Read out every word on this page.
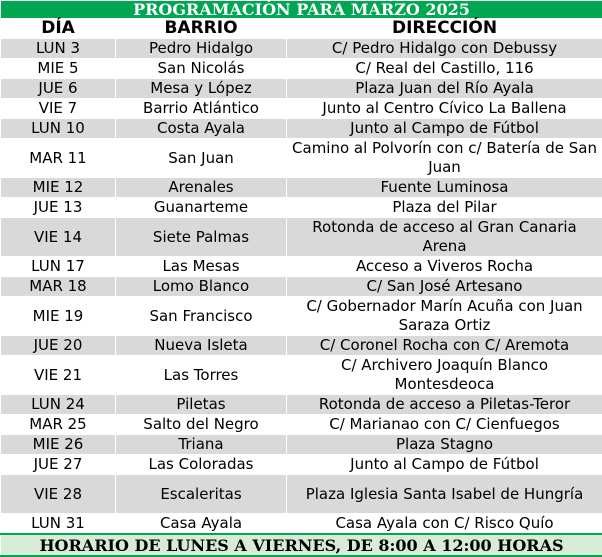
PROGRAMACIÓN PARA MARZO 2025		
DÍA	BARRIO	DIRECCIÓN
LUN 3	Pedro Hidalgo	C/ Pedro Hidalgo con Debussy
MIE 5	San Nicolás	C/ Real del Castillo, 116
JUE 6	Mesa y López	Plaza Juan del Río Ayala
VIE 7	Barrio Atlántico	Junto al Centro Cívico La Ballena
LUN 10	Costa Ayala	Junto al Campo de Fútbol
MAR 11	San Juan	Camino al Polvorín con c/ Batería de San Juan
MIE 12	Arenales	Fuente Luminosa
JUE 13	Guanarteme	Plaza del Pilar
VIE 14	Siete Palmas	Rotonda de acceso al Gran Canaria Arena
LUN 17	Las Mesas	Acceso a Viveros Rocha
MAR 18	Lomo Blanco	C/ San José Artesano
MIE 19	San Francisco	C/ Gobernador Marín Acuña con Juan Saraza Ortiz
JUE 20	Nueva Isleta	C/ Coronel Rocha con C/ Aremota
VIE 21	Las Torres	C/ Archivero Joaquín Blanco Montesdeoca
LUN 24	Piletas	Rotonda de acceso a Piletas-Teror
MAR 25	Salto del Negro	C/ Marianao con C/ Cienfuegos
MIE 26	Triana	Plaza Stagno
JUE 27	Las Coloradas	Junto al Campo de Fútbol
VIE 28	Escaleritas	Plaza Iglesia Santa Isabel de Hungría
LUN 31	Casa Ayala	Casa Ayala con C/ Risco Quío
HORARIO DE LUNES A VIERNES, DE 8:00 A 12:00 HORAS		
